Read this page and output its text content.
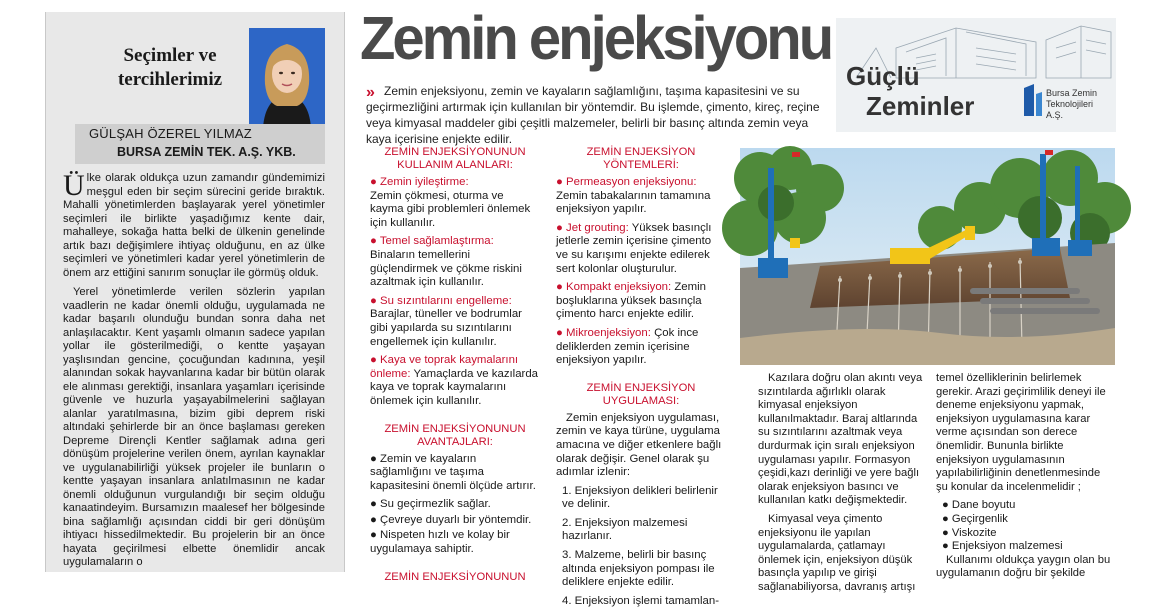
Seçimler ve tercihlerimiz
GÜLŞAH ÖZEREL YILMAZ
BURSA ZEMİN TEK. A.Ş. YKB.

Ülke olarak oldukça uzun zamandır gündemimizi meşgul eden bir seçim sürecini geride bıraktık. Mahalli yönetimlerden başlayarak yerel yönetimler seçimleri ile birlikte yaşadığımız kente dair, mahalleye, sokağa hatta belki de ülkenin genelinde artık bazı değişimlere ihtiyaç olduğunu, en az ülke seçimleri ve yönetimleri kadar yerel yönetimlerin de önem arz ettiğini sanırım sonuçlar ile görmüş olduk.

Yerel yönetimlerde verilen sözlerin yapılan vaadlerin ne kadar önemli olduğu, uygulamada ne kadar başarılı olunduğu bundan sonra daha net anlaşılacaktır. Kent yaşamlı olmanın sadece yapılan yollar ile gösterilmediği, o kentte yaşayan yaşlısından gencine, çocuğundan kadınına, yeşil alanından sokak hayvanlarına kadar bir bütün olarak ele alınması gerektiği, insanlara yaşamları içerisinde güvenle ve huzurla yaşayabilmelerini sağlayan alanlar yaratılmasına, bizim gibi deprem riski altındaki şehirlerde bir an önce başlaması gereken Depreme Dirençli Kentler sağlamak adına geri dönüşüm projelerine verilen önem, ayrılan kaynaklar ve uygulanabilirliği yüksek projeler ile bunların o kentte yaşayan insanlara anlatılmasının ne kadar önemli olduğunun vurgulandığı bir seçim olduğu kanaatindeyim. Bursamızın maalesef her bölgesinde bina sağlamlığı açısından ciddi bir geri dönüşüm ihtiyacı hissedilmektedir. Bu projelerin bir an önce hayata geçirilmesi elbette önemlidir ancak uygulamaların o

Zemin enjeksiyonu
Güçlü
Zeminler	Bursa Zemin Teknolojileri A.Ş.

Zemin enjeksiyonu, zemin ve kayaların sağlamlığını, taşıma kapasitesini ve su geçirmezliğini artırmak için kullanılan bir yöntemdir. Bu işlemde, çimento, kireç, reçine veya kimyasal maddeler gibi çeşitli malzemeler, belirli bir basınç altında zemin veya kaya içerisine enjekte edilir.

»
ZEMİN ENJEKSİYONUNUN KULLANIM ALANLARI:
● Zemin iyileştirme:
Zemin çökmesi, oturma ve kayma gibi problemleri önlemek için kullanılır.
● Temel sağlamlaştırma:
Binaların temellerini güçlendirmek ve çökme riskini azaltmak için kullanılır.
● Su sızıntılarını engelleme:
Barajlar, tüneller ve bodrumlar gibi yapılarda su sızıntılarını engellemek için kullanılır.
● Kaya ve toprak kaymalarını önleme: Yamaçlarda ve kazılarda kaya ve toprak kaymalarını önlemek için kullanılır.
ZEMİN ENJEKSİYONUNUN AVANTAJLARI:
● Zemin ve kayaların sağlamlığını ve taşıma kapasitesini önemli ölçüde artırır.
● Su geçirmezlik sağlar.
● Çevreye duyarlı bir yöntemdir.
● Nispeten hızlı ve kolay bir uygulamaya sahiptir.
ZEMİN ENJEKSİYONUNUN
ZEMİN ENJEKSİYON YÖNTEMLERİ:
● Permeasyon enjeksiyonu: Zemin tabakalarının tamamına enjeksiyon yapılır.
● Jet grouting: Yüksek basınçlı jetlerle zemin içerisine çimento ve su karışımı enjekte edilerek sert kolonlar oluşturulur.
● Kompakt enjeksiyon: Zemin boşluklarına yüksek basınçla çimento harcı enjekte edilir.
● Mikroenjeksiyon: Çok ince deliklerden zemin içerisine enjeksiyon yapılır.
ZEMİN ENJEKSİYON UYGULAMASI:
Zemin enjeksiyon uygulaması, zemin ve kaya türüne, uygulama amacına ve diğer etkenlere bağlı olarak değişir. Genel olarak şu adımlar izlenir:
1. Enjeksiyon delikleri belirlenir ve delinir.
2. Enjeksiyon malzemesi hazırlanır.
3. Malzeme, belirli bir basınç altında enjeksiyon pompası ile deliklere enjekte edilir.
4. Enjeksiyon işlemi tamamlan-

Kazılara doğru olan akıntı veya sızıntılarda ağırlıklı olarak kimyasal enjeksiyon kullanılmaktadır. Baraj altlarında su sızıntılarını azaltmak veya durdurmak için sıralı enjeksiyon uygulaması yapılır. Formasyon çeşidi,kazı derinliği ve yere bağlı olarak enjeksiyon basıncı ve kullanılan katkı değişmektedir.

Kimyasal veya çimento enjeksiyonu ile yapılan uygulamalarda, çatlamayı önlemek için, enjeksiyon düşük basınçla yapılıp ve girişi sağlanabiliyorsa, davranış artışı

temel özelliklerinin belirlemek gerekir. Arazi geçirimlilik deneyi ile deneme enjeksiyonu yapmak, enjeksiyon uygulamasına karar verme açısından son derece önemlidir. Bununla birlikte enjeksiyon uygulamasının yapılabilirliğinin denetlenmesinde şu konular da incelenmelidir ;

● Dane boyutu
● Geçirgenlik
● Viskozite
● Enjeksiyon malzemesi

Kullanımı oldukça yaygın olan bu uygulamanın doğru bir şekilde
